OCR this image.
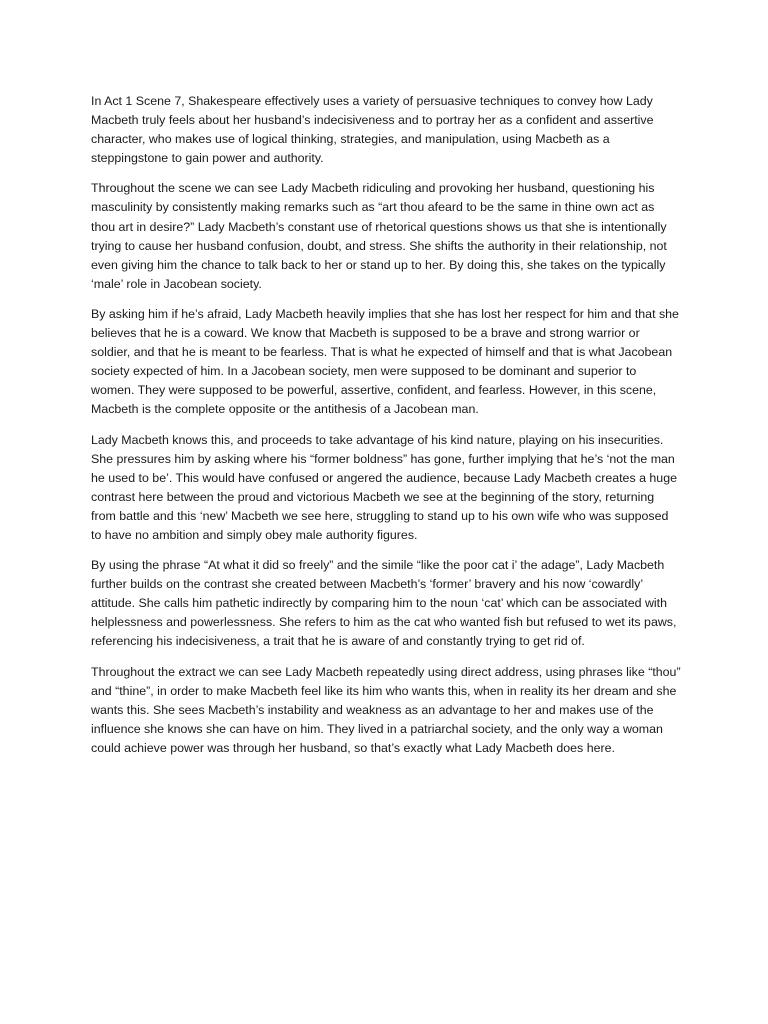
In Act 1 Scene 7, Shakespeare effectively uses a variety of persuasive techniques to convey how Lady Macbeth truly feels about her husband’s indecisiveness and to portray her as a confident and assertive character, who makes use of logical thinking, strategies, and manipulation, using Macbeth as a steppingstone to gain power and authority.

Throughout the scene we can see Lady Macbeth ridiculing and provoking her husband, questioning his masculinity by consistently making remarks such as “art thou afeard to be the same in thine own act as thou art in desire?” Lady Macbeth’s constant use of rhetorical questions shows us that she is intentionally trying to cause her husband confusion, doubt, and stress. She shifts the authority in their relationship, not even giving him the chance to talk back to her or stand up to her. By doing this, she takes on the typically ‘male’ role in Jacobean society.

By asking him if he’s afraid, Lady Macbeth heavily implies that she has lost her respect for him and that she believes that he is a coward. We know that Macbeth is supposed to be a brave and strong warrior or soldier, and that he is meant to be fearless. That is what he expected of himself and that is what Jacobean society expected of him. In a Jacobean society, men were supposed to be dominant and superior to women. They were supposed to be powerful, assertive, confident, and fearless. However, in this scene, Macbeth is the complete opposite or the antithesis of a Jacobean man.

Lady Macbeth knows this, and proceeds to take advantage of his kind nature, playing on his insecurities. She pressures him by asking where his “former boldness” has gone, further implying that he’s ‘not the man he used to be’. This would have confused or angered the audience, because Lady Macbeth creates a huge contrast here between the proud and victorious Macbeth we see at the beginning of the story, returning from battle and this ‘new’ Macbeth we see here, struggling to stand up to his own wife who was supposed to have no ambition and simply obey male authority figures.

By using the phrase “At what it did so freely” and the simile “like the poor cat i’ the adage”, Lady Macbeth further builds on the contrast she created between Macbeth’s ‘former’ bravery and his now ‘cowardly’ attitude. She calls him pathetic indirectly by comparing him to the noun ‘cat’ which can be associated with helplessness and powerlessness. She refers to him as the cat who wanted fish but refused to wet its paws, referencing his indecisiveness, a trait that he is aware of and constantly trying to get rid of.

Throughout the extract we can see Lady Macbeth repeatedly using direct address, using phrases like “thou” and “thine”, in order to make Macbeth feel like its him who wants this, when in reality its her dream and she wants this. She sees Macbeth’s instability and weakness as an advantage to her and makes use of the influence she knows she can have on him. They lived in a patriarchal society, and the only way a woman could achieve power was through her husband, so that’s exactly what Lady Macbeth does here.
